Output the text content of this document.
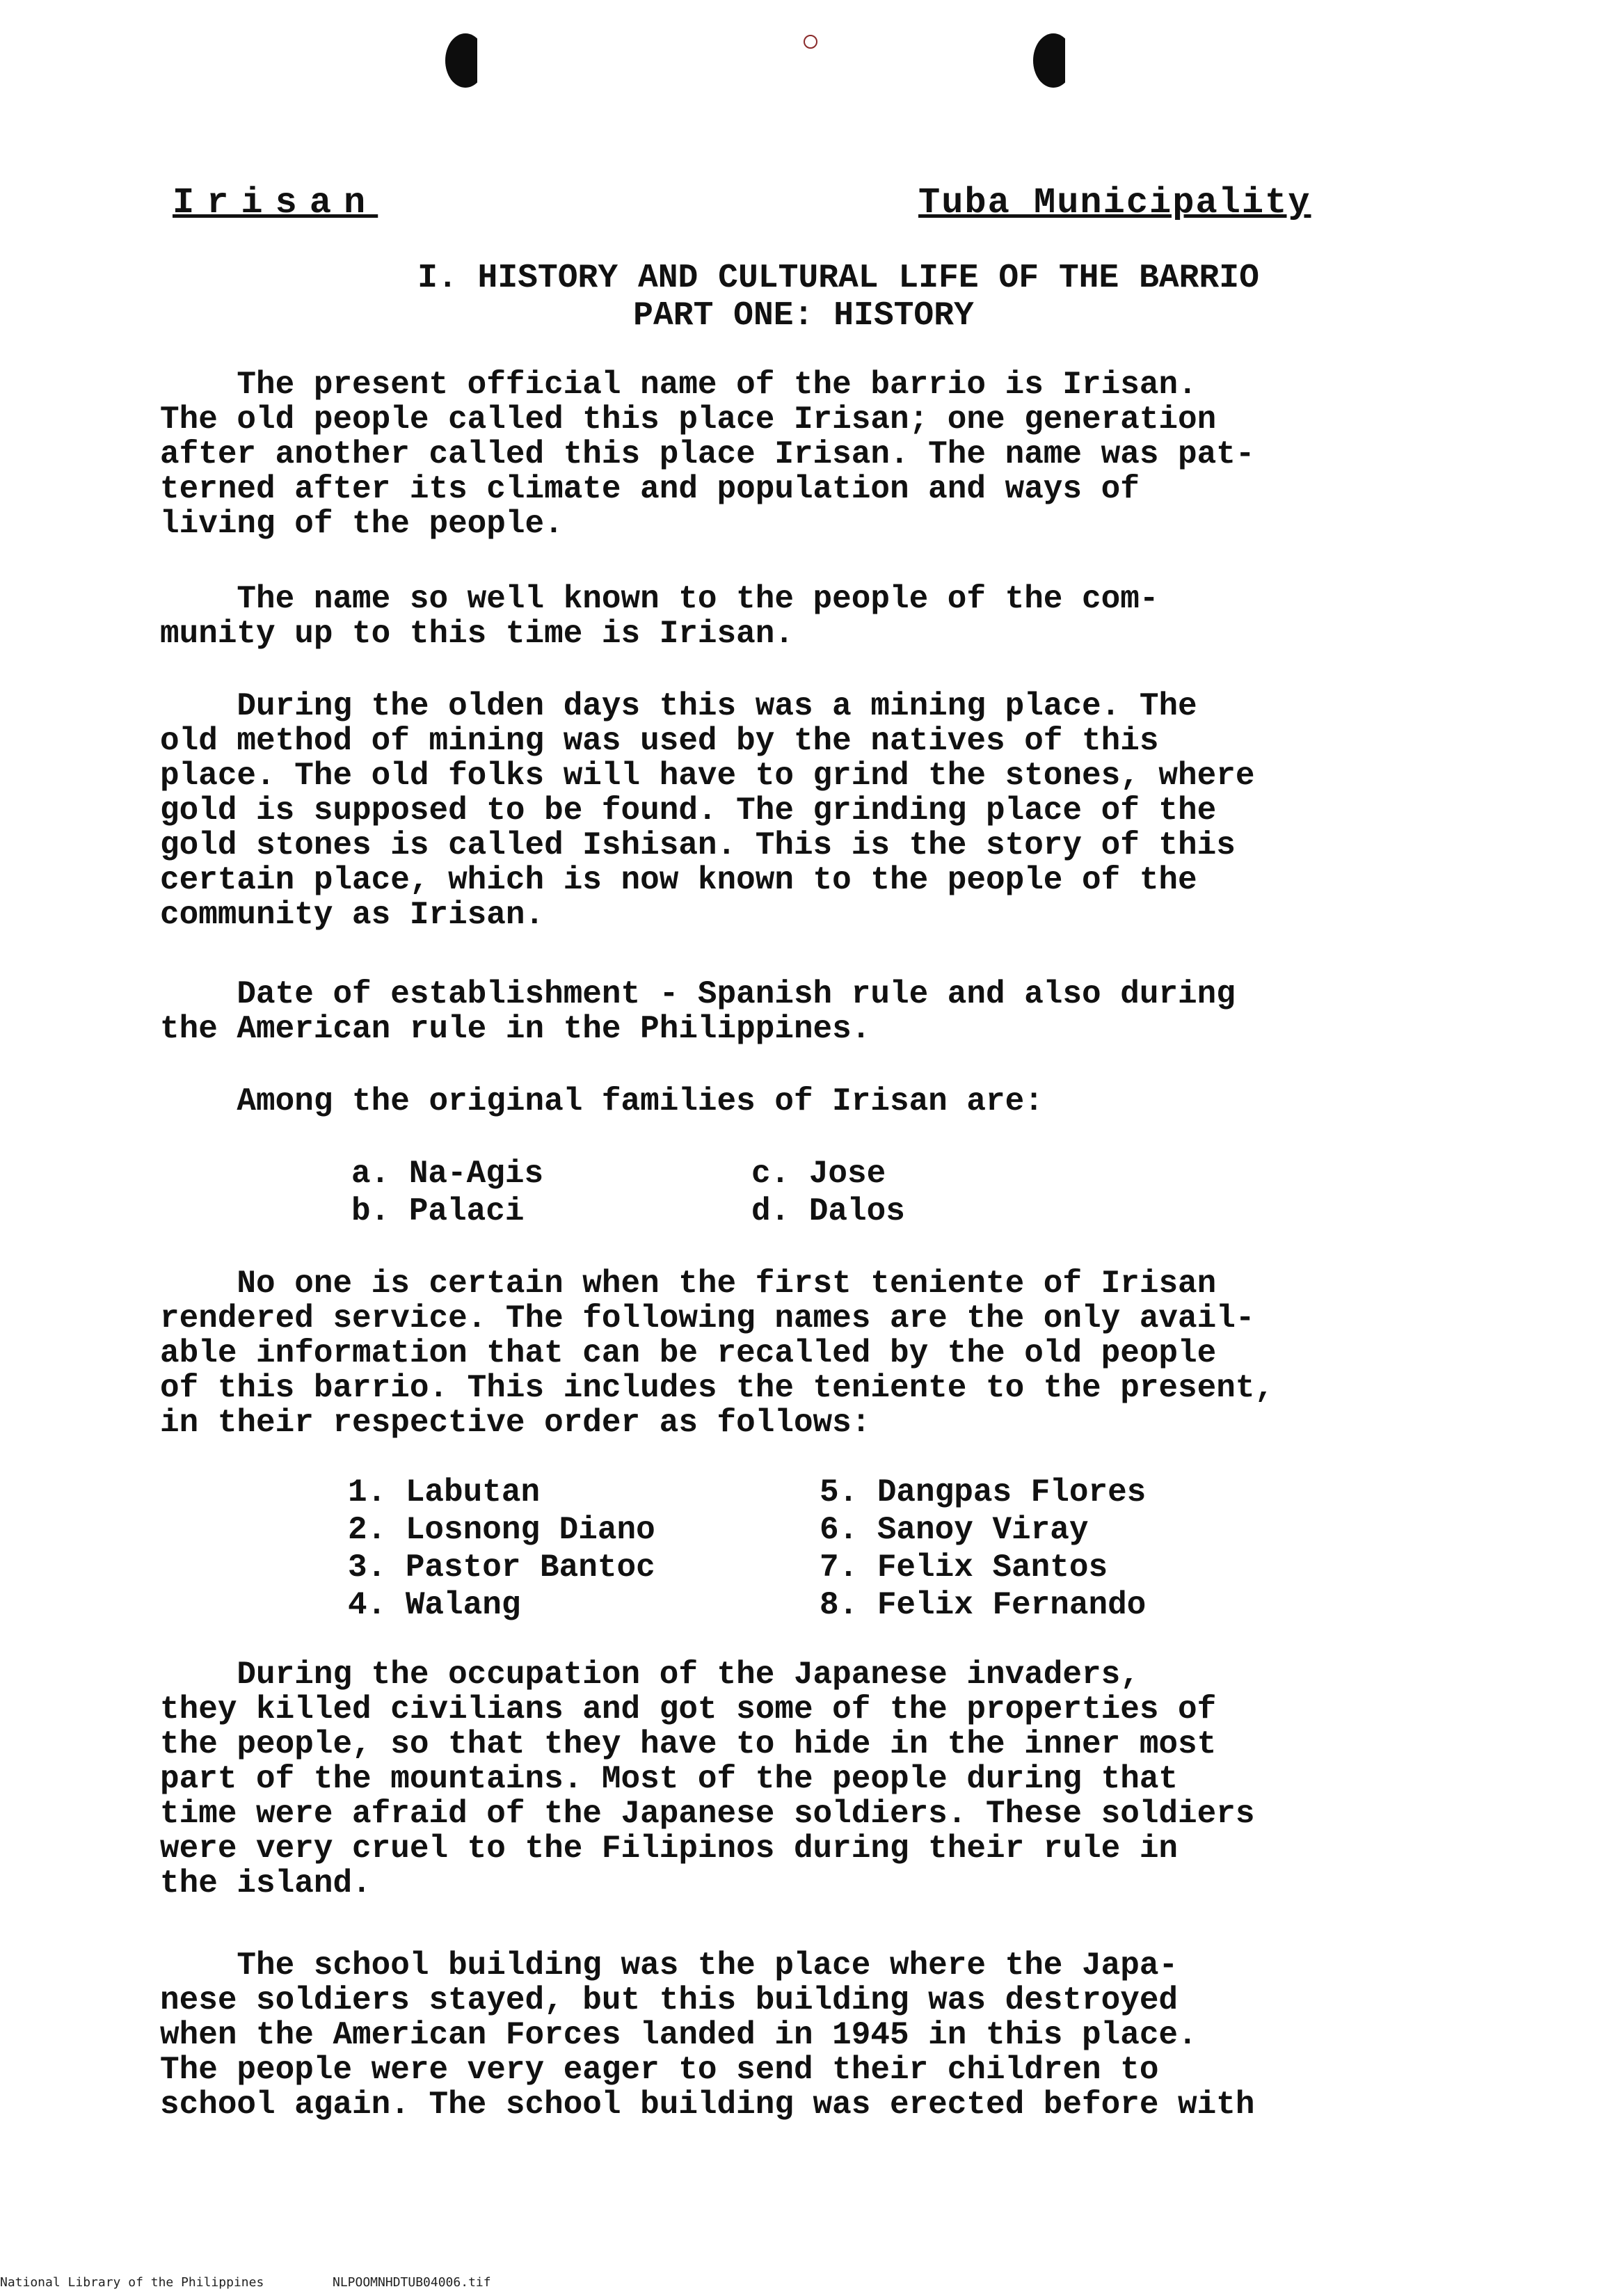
Irisan	Tuba Municipality
I. HISTORY AND CULTURAL LIFE OF THE BARRIO
PART ONE: HISTORY

The present official name of the barrio is Irisan.
The old people called this place Irisan; one generation
after another called this place Irisan. The name was pat-
terned after its climate and population and ways of
living of the people.

The name so well known to the people of the com-
munity up to this time is Irisan.

During the olden days this was a mining place. The
old method of mining was used by the natives of this
place. The old folks will have to grind the stones, where
gold is supposed to be found. The grinding place of the
gold stones is called Ishisan. This is the story of this
certain place, which is now known to the people of the
community as Irisan.

Date of establishment - Spanish rule and also during
the American rule in the Philippines.

Among the original families of Irisan are:

a. Na-Agis
b. Palaci
c. Jose
d. Dalos

No one is certain when the first teniente of Irisan
rendered service. The following names are the only avail-
able information that can be recalled by the old people
of this barrio. This includes the teniente to the present,
in their respective order as follows:

1. Labutan
2. Losnong Diano
3. Pastor Bantoc
4. Walang
5. Dangpas Flores
6. Sanoy Viray
7. Felix Santos
8. Felix Fernando

During the occupation of the Japanese invaders,
they killed civilians and got some of the properties of
the people, so that they have to hide in the inner most
part of the mountains. Most of the people during that
time were afraid of the Japanese soldiers. These soldiers
were very cruel to the Filipinos during their rule in
the island.

The school building was the place where the Japa-
nese soldiers stayed, but this building was destroyed
when the American Forces landed in 1945 in this place.
The people were very eager to send their children to
school again. The school building was erected before with

National Library of the Philippines	NLPOOMNHDTUB04006.tif
